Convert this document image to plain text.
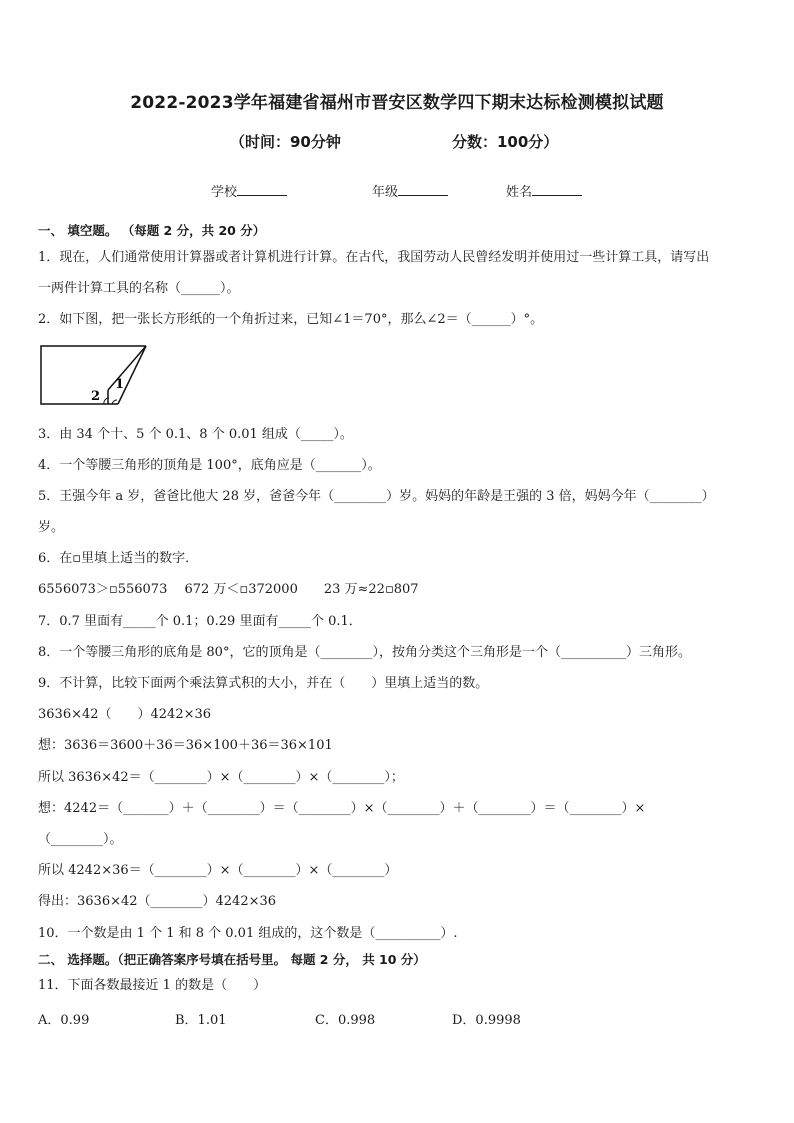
2022-2023学年福建省福州市晋安区数学四下期末达标检测模拟试题
（时间：90分钟	分数：100分）
学校	年级	姓名
一、 填空题。 （每题 2 分，共 20 分）
1．现在，人们通常使用计算器或者计算机进行计算。在古代，我国劳动人民曾经发明并使用过一些计算工具，请写出
一两件计算工具的名称（______）。
2．如下图，把一张长方形纸的一个角折过来，已知∠1＝70°，那么∠2＝（______）°。
1
2
3．由 34 个十、5 个 0.1、8 个 0.01 组成（_____）。
4．一个等腰三角形的顶角是 100°，底角应是（_______）。
5．王强今年 a 岁，爸爸比他大 28 岁，爸爸今年（________）岁。妈妈的年龄是王强的 3 倍，妈妈今年（________）
岁。
6．在▫里填上适当的数字．
6556073＞▫556073　 672 万＜▫372000　　23 万≈22▫807
7．0.7 里面有_____个 0.1；0.29 里面有_____个 0.1．
8．一个等腰三角形的底角是 80°，它的顶角是（________），按角分类这个三角形是一个（__________）三角形。
9．不计算，比较下面两个乘法算式积的大小，并在（　　）里填上适当的数。
3636×42（　　）4242×36
想：3636＝3600＋36＝36×100＋36＝36×101
所以 3636×42＝（________）×（________）×（________）；
想：4242＝（_______）＋（________）＝（________）×（________）＋（________）＝（________）×
（________）。
所以 4242×36＝（________）×（________）×（________）
得出：3636×42（________）4242×36
10．一个数是由 1 个 1 和 8 个 0.01 组成的，这个数是（__________）.
二、 选择题。（把正确答案序号填在括号里。 每题 2 分， 共 10 分）
11．下面各数最接近 1 的数是（　　）
A．0.99	B．1.01	C．0.998	D．0.9998
